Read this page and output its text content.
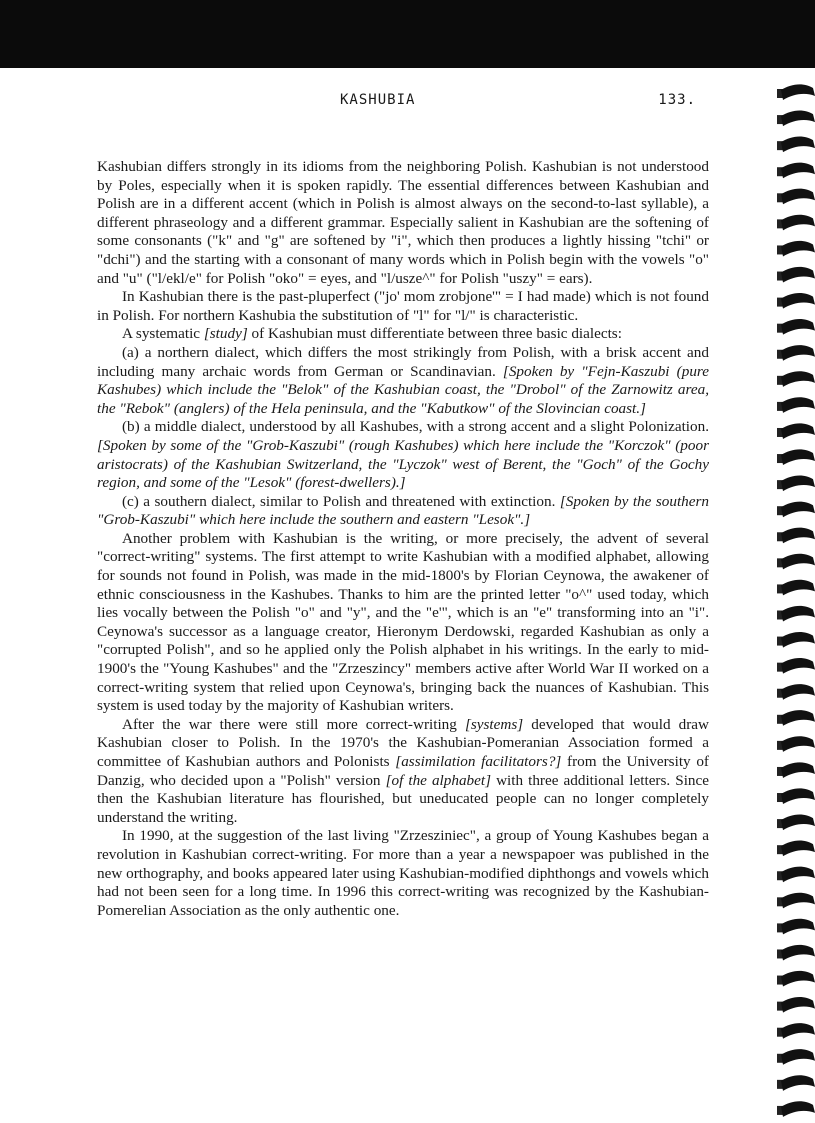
KASHUBIA	133.

Kashubian differs strongly in its idioms from the neighboring Polish. Kashubian is not understood by Poles, especially when it is spoken rapidly. The essential differences between Kashubian and Polish are in a different accent (which in Polish is almost always on the second-to-last syllable), a different phraseology and a different grammar. Especially salient in Kashubian are the softening of some consonants ("k" and "g" are softened by "i", which then produces a lightly hissing "tchi" or "dchi") and the starting with a consonant of many words which in Polish begin with the vowels "o" and "u" ("l/ekl/e" for Polish "oko" = eyes, and "l/usze^" for Polish "uszy" = ears).

In Kashubian there is the past-pluperfect ("jo' mom zrobjone'" = I had made) which is not found in Polish. For northern Kashubia the substitution of "l" for "l/" is characteristic.

A systematic [study] of Kashubian must differentiate between three basic dialects:

(a) a northern dialect, which differs the most strikingly from Polish, with a brisk accent and including many archaic words from German or Scandinavian. [Spoken by "Fejn-Kaszubi (pure Kashubes) which include the "Belok" of the Kashubian coast, the "Drobol" of the Zarnowitz area, the "Rebok" (anglers) of the Hela peninsula, and the "Kabutkow" of the Slovincian coast.]

(b) a middle dialect, understood by all Kashubes, with a strong accent and a slight Polonization. [Spoken by some of the "Grob-Kaszubi" (rough Kashubes) which here include the "Korczok" (poor aristocrats) of the Kashubian Switzerland, the "Lyczok" west of Berent, the "Goch" of the Gochy region, and some of the "Lesok" (forest-dwellers).]

(c) a southern dialect, similar to Polish and threatened with extinction. [Spoken by the southern "Grob-Kaszubi" which here include the southern and eastern "Lesok".]

Another problem with Kashubian is the writing, or more precisely, the advent of several "correct-writing" systems. The first attempt to write Kashubian with a modified alphabet, allowing for sounds not found in Polish, was made in the mid-1800's by Florian Ceynowa, the awakener of ethnic consciousness in the Kashubes. Thanks to him are the printed letter "o^" used today, which lies vocally between the Polish "o" and "y", and the "e'", which is an "e" transforming into an "i". Ceynowa's successor as a language creator, Hieronym Derdowski, regarded Kashubian as only a "corrupted Polish", and so he applied only the Polish alphabet in his writings. In the early to mid-1900's the "Young Kashubes" and the "Zrzeszincy" members active after World War II worked on a correct-writing system that relied upon Ceynowa's, bringing back the nuances of Kashubian. This system is used today by the majority of Kashubian writers.

After the war there were still more correct-writing [systems] developed that would draw Kashubian closer to Polish. In the 1970's the Kashubian-Pomeranian Association formed a committee of Kashubian authors and Polonists [assimilation facilitators?] from the University of Danzig, who decided upon a "Polish" version [of the alphabet] with three additional letters. Since then the Kashubian literature has flourished, but uneducated people can no longer completely understand the writing.

In 1990, at the suggestion of the last living "Zrzesziniec", a group of Young Kashubes began a revolution in Kashubian correct-writing. For more than a year a newspapoer was published in the new orthography, and books appeared later using Kashubian-modified diphthongs and vowels which had not been seen for a long time. In 1996 this correct-writing was recognized by the Kashubian-Pomerelian Association as the only authentic one.
